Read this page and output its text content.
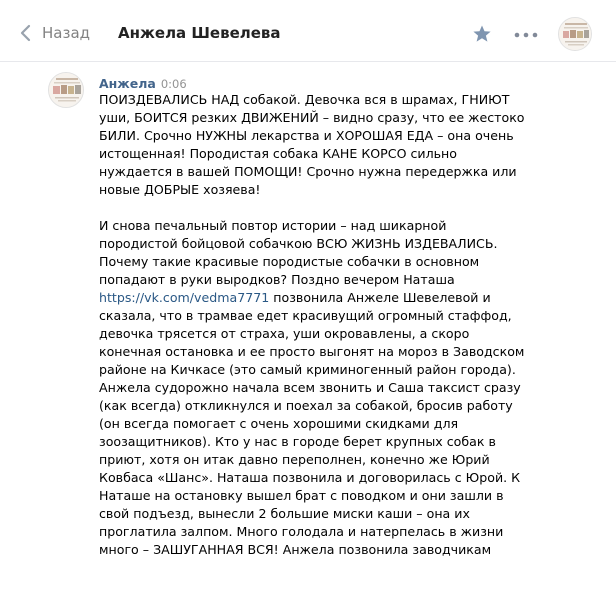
Назад Анжела Шевелева
Анжела 0:06

ПОИЗДЕВАЛИСЬ НАД собакой. Девочка вся в шрамах, ГНИЮТ уши, БОИТСЯ резких ДВИЖЕНИЙ – видно сразу, что ее жестоко БИЛИ. Срочно НУЖНЫ лекарства и ХОРОШАЯ ЕДА – она очень истощенная! Породистая собака КАНЕ КОРСО сильно нуждается в вашей ПОМОЩИ! Срочно нужна передержка или новые ДОБРЫЕ хозяева!

И снова печальный повтор истории – над шикарной породистой бойцовой собачкою ВСЮ ЖИЗНЬ ИЗДЕВАЛИСЬ. Почему такие красивые породистые собачки в основном попадают в руки выродков? Поздно вечером Наташа https://vk.com/vedma7771 позвонила Анжеле Шевелевой и сказала, что в трамвае едет красивущий огромный стаффод, девочка трясется от страха, уши окровавлены, а скоро конечная остановка и ее просто выгонят на мороз в Заводском районе на Кичкасе (это самый криминогенный район города). Анжела судорожно начала всем звонить и Саша таксист сразу (как всегда) откликнулся и поехал за собакой, бросив работу (он всегда помогает с очень хорошими скидками для зоозащитников). Кто у нас в городе берет крупных собак в приют, хотя он итак давно переполнен, конечно же Юрий Ковбаса «Шанс». Наташа позвонила и договорилась с Юрой. К Наташе на остановку вышел брат с поводком и они зашли в свой подъезд, вынесли 2 большие миски каши – она их проглатила залпом. Много голодала и натерпелась в жизни много – ЗАШУГАННАЯ ВСЯ! Анжела позвонила заводчикам
